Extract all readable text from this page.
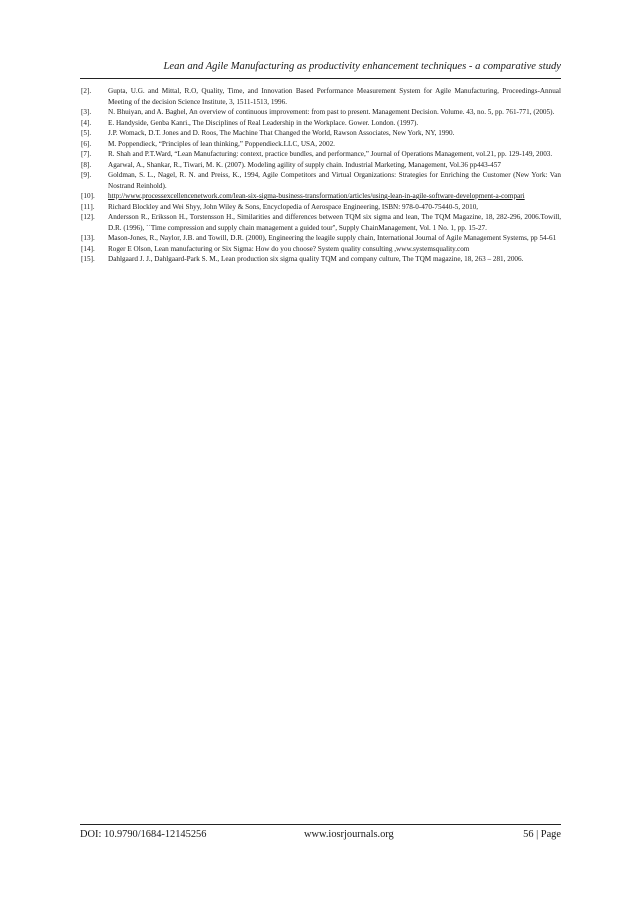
Lean and Agile Manufacturing as productivity enhancement techniques - a comparative study
[2].	Gupta, U.G. and Mittal, R.O, Quality, Time, and Innovation Based Performance Measurement System for Agile Manufacturing, Proceedings-Annual Meeting of the decision Science Institute, 3, 1511-1513, 1996.
[3].	N. Bhuiyan, and A. Baghel, An overview of continuous improvement: from past to present. Management Decision. Volume. 43, no. 5, pp. 761-771, (2005).
[4].	E. Handyside, Genba Kanri., The Disciplines of Real Leadership in the Workplace. Gower. London. (1997).
[5].	J.P. Womack, D.T. Jones and D. Roos, The Machine That Changed the World, Rawson Associates, New York, NY, 1990.
[6].	M. Poppendieck, “Principles of lean thinking,” Poppendieck.LLC, USA, 2002.
[7].	R. Shah and P.T.Ward, “Lean Manufacturing: context, practice bundles, and performance,” Journal of Operations Management, vol.21, pp. 129-149, 2003.
[8].	Agarwal, A., Shankar, R., Tiwari, M. K. (2007). Modeling agility of supply chain. Industrial Marketing, Management, Vol.36 pp443-457
[9].	Goldman, S. L., Nagel, R. N. and Preiss, K., 1994, Agile Competitors and Virtual Organizations: Strategies for Enriching the Customer (New York: Van Nostrand Reinhold).
[10].	http://www.processexcellencenetwork.com/lean-six-sigma-business-transformation/articles/using-lean-in-agile-software-development-a-compari
[11].	Richard Blockley and Wei Shyy, John Wiley & Sons, Encyclopedia of Aerospace Engineering, ISBN: 978-0-470-75440-5, 2010,
[12].	Andersson R., Eriksson H., Torstensson H., Similarities and differences between TQM six sigma and lean, The TQM Magazine, 18, 282-296, 2006.Towill, D.R. (1996), ``Time compression and supply chain management a guided tour'', Supply ChainManagement, Vol. 1 No. 1, pp. 15-27.
[13].	Mason-Jones, R., Naylor, J.B. and Towill, D.R. (2000), Engineering the leagile supply chain, International Journal of Agile Management Systems, pp 54-61
[14].	Roger E Olson, Lean manufacturing or Six Sigma: How do you choose? System quality consulting ,www.systemsquality.com
[15].	Dahlgaard J. J., Dahlgaard-Park S. M., Lean production six sigma quality TQM and company culture, The TQM magazine, 18, 263 – 281, 2006.
DOI: 10.9790/1684-12145256	www.iosrjournals.org	56 | Page
